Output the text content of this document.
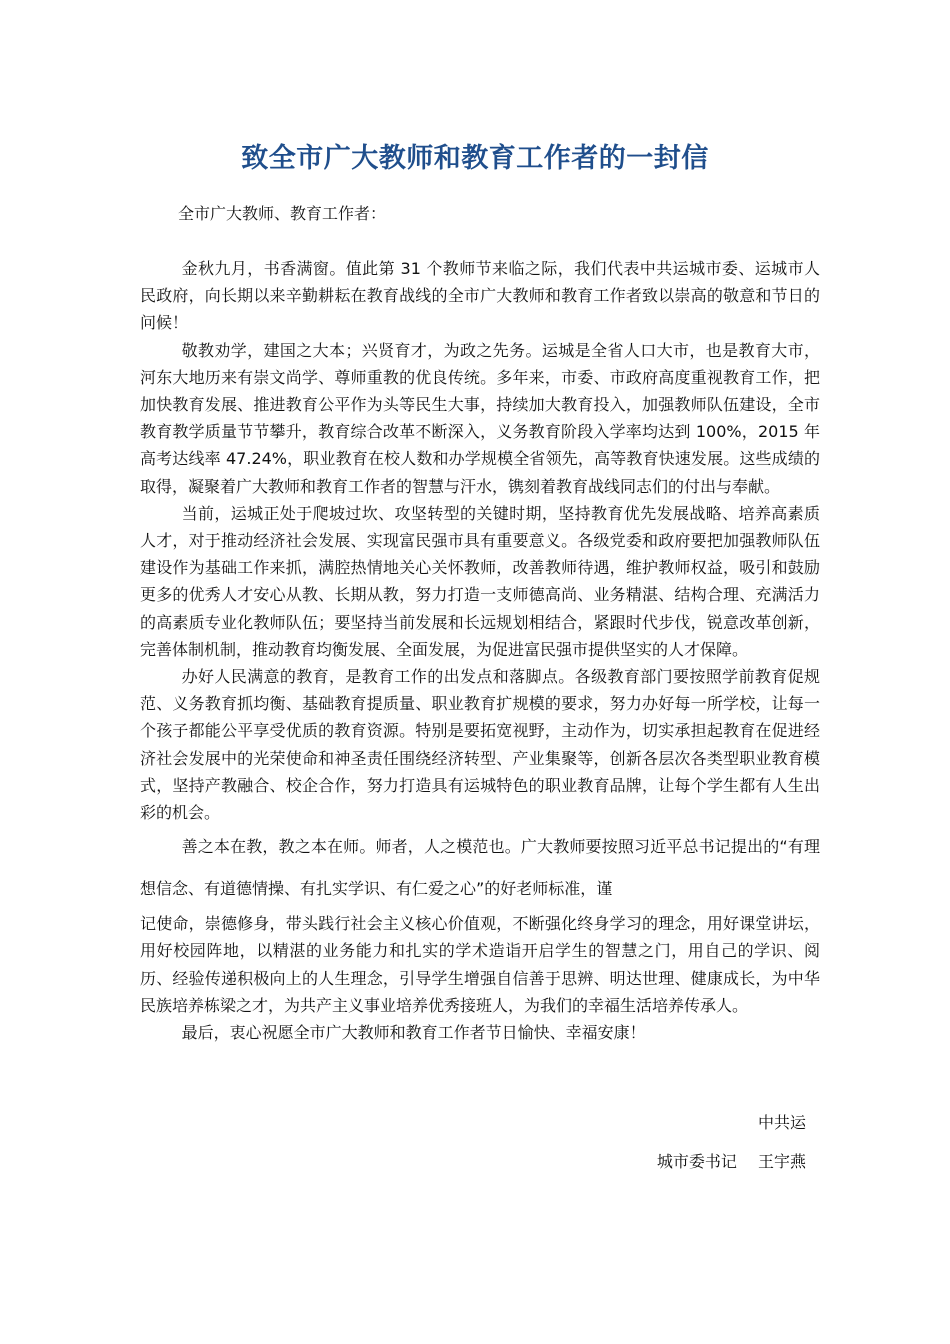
致全市广大教师和教育工作者的一封信

全市广大教师、教育工作者：

金秋九月，书香满窗。值此第 31 个教师节来临之际，我们代表中共运城市委、运城市人民政府，向长期以来辛勤耕耘在教育战线的全市广大教师和教育工作者致以崇高的敬意和节日的问候！

敬教劝学，建国之大本；兴贤育才，为政之先务。运城是全省人口大市，也是教育大市，河东大地历来有崇文尚学、尊师重教的优良传统。多年来，市委、市政府高度重视教育工作，把加快教育发展、推进教育公平作为头等民生大事，持续加大教育投入，加强教师队伍建设，全市教育教学质量节节攀升，教育综合改革不断深入，义务教育阶段入学率均达到 100%，2015 年高考达线率 47.24%，职业教育在校人数和办学规模全省领先，高等教育快速发展。这些成绩的取得，凝聚着广大教师和教育工作者的智慧与汗水，镌刻着教育战线同志们的付出与奉献。

当前，运城正处于爬坡过坎、攻坚转型的关键时期，坚持教育优先发展战略、培养高素质人才，对于推动经济社会发展、实现富民强市具有重要意义。各级党委和政府要把加强教师队伍建设作为基础工作来抓，满腔热情地关心关怀教师，改善教师待遇，维护教师权益，吸引和鼓励更多的优秀人才安心从教、长期从教，努力打造一支师德高尚、业务精湛、结构合理、充满活力的高素质专业化教师队伍；要坚持当前发展和长远规划相结合，紧跟时代步伐，锐意改革创新，完善体制机制，推动教育均衡发展、全面发展，为促进富民强市提供坚实的人才保障。

办好人民满意的教育，是教育工作的出发点和落脚点。各级教育部门要按照学前教育促规范、义务教育抓均衡、基础教育提质量、职业教育扩规模的要求，努力办好每一所学校，让每一个孩子都能公平享受优质的教育资源。特别是要拓宽视野，主动作为，切实承担起教育在促进经济社会发展中的光荣使命和神圣责任围绕经济转型、产业集聚等，创新各层次各类型职业教育模式，坚持产教融合、校企合作，努力打造具有运城特色的职业教育品牌，让每个学生都有人生出彩的机会。

善之本在教，教之本在师。师者，人之模范也。广大教师要按照习近平总书记提出的“有理想信念、有道德情操、有扎实学识、有仁爱之心”的好老师标准，谨

记使命，崇德修身，带头践行社会主义核心价值观，不断强化终身学习的理念，用好课堂讲坛，用好校园阵地，以精湛的业务能力和扎实的学术造诣开启学生的智慧之门，用自己的学识、阅历、经验传递积极向上的人生理念，引导学生增强自信善于思辨、明达世理、健康成长，为中华民族培养栋梁之才，为共产主义事业培养优秀接班人，为我们的幸福生活培养传承人。

最后，衷心祝愿全市广大教师和教育工作者节日愉快、幸福安康！

中共运

城市委书记　 王宇燕
